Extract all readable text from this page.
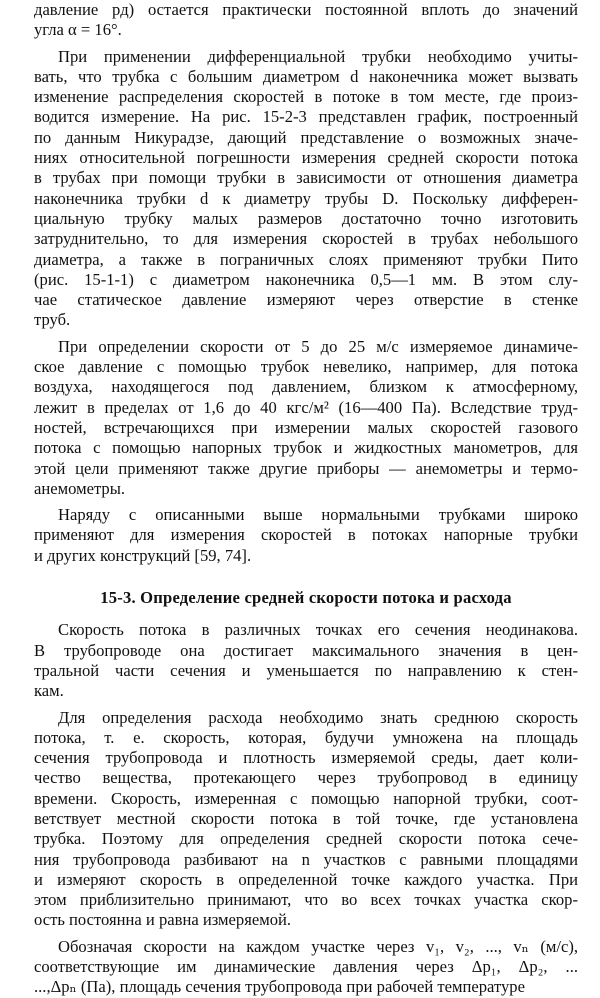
давление pд) остается практически постоянной вплоть до значений
угла α = 16°.
При применении дифференциальной трубки необходимо учиты-
вать, что трубка с большим диаметром d наконечника может вызвать
изменение распределения скоростей в потоке в том месте, где произ-
водится измерение. На рис. 15-2-3 представлен график, построенный
по данным Никурадзе, дающий представление о возможных значе-
ниях относительной погрешности измерения средней скорости потока
в трубах при помощи трубки в зависимости от отношения диаметра
наконечника трубки d к диаметру трубы D. Поскольку дифферен-
циальную трубку малых размеров достаточно точно изготовить
затруднительно, то для измерения скоростей в трубах небольшого
диаметра, а также в пограничных слоях применяют трубки Пито
(рис. 15-1-1) с диаметром наконечника 0,5—1 мм. В этом слу-
чае статическое давление измеряют через отверстие в стенке
труб.
При определении скорости от 5 до 25 м/с измеряемое динамиче-
ское давление с помощью трубок невелико, например, для потока
воздуха, находящегося под давлением, близком к атмосферному,
лежит в пределах от 1,6 до 40 кгс/м² (16—400 Па). Вследствие труд-
ностей, встречающихся при измерении малых скоростей газового
потока с помощью напорных трубок и жидкостных манометров, для
этой цели применяют также другие приборы — анемометры и термо-
анемометры.
Наряду с описанными выше нормальными трубками широко
применяют для измерения скоростей в потоках напорные трубки
и других конструкций [59, 74].
15-3. Определение средней скорости потока и расхода
Скорость потока в различных точках его сечения неодинакова.
В трубопроводе она достигает максимального значения в цен-
тральной части сечения и уменьшается по направлению к стен-
кам.
Для определения расхода необходимо знать среднюю скорость
потока, т. е. скорость, которая, будучи умножена на площадь
сечения трубопровода и плотность измеряемой среды, дает коли-
чество вещества, протекающего через трубопровод в единицу
времени. Скорость, измеренная с помощью напорной трубки, соот-
ветствует местной скорости потока в той точке, где установлена
трубка. Поэтому для определения средней скорости потока сече-
ния трубопровода разбивают на n участков с равными площадями
и измеряют скорость в определенной точке каждого участка. При
этом приблизительно принимают, что во всех точках участка скор-
ость постоянна и равна измеряемой.
Обозначая скорости на каждом участке через v₁, v₂, ..., vₙ (м/с),
соответствующие им динамические давления через Δp₁, Δp₂, ...
...,Δpₙ (Па), площадь сечения трубопровода при рабочей температуре
